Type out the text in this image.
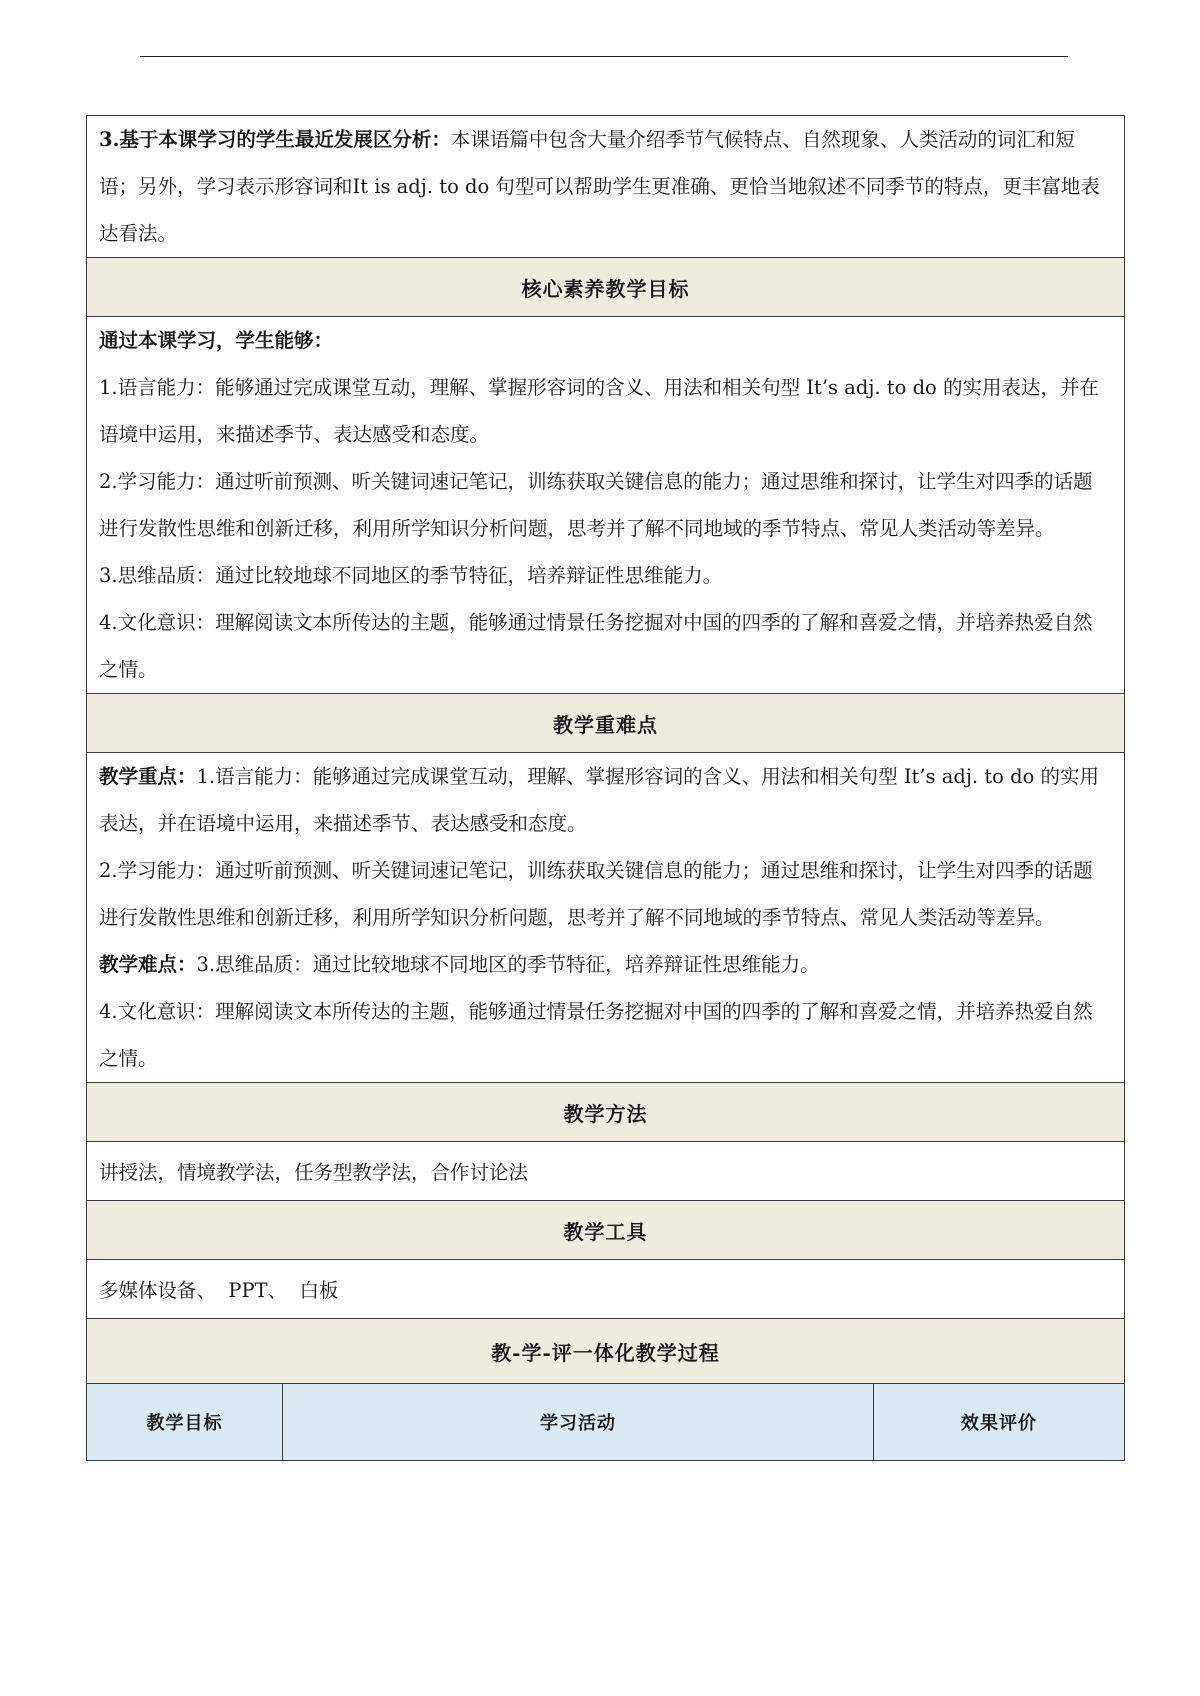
3.基于本课学习的学生最近发展区分析：本课语篇中包含大量介绍季节气候特点、自然现象、人类活动的词汇和短语；另外，学习表示形容词和It is adj. to do 句型可以帮助学生更准确、更恰当地叙述不同季节的特点，更丰富地表达看法。

核心素养教学目标

通过本课学习，学生能够：

1.语言能力：能够通过完成课堂互动，理解、掌握形容词的含义、用法和相关句型 It’s adj. to do 的实用表达，并在语境中运用，来描述季节、表达感受和态度。

2.学习能力：通过听前预测、听关键词速记笔记，训练获取关键信息的能力；通过思维和探讨，让学生对四季的话题进行发散性思维和创新迁移，利用所学知识分析问题，思考并了解不同地域的季节特点、常见人类活动等差异。

3.思维品质：通过比较地球不同地区的季节特征，培养辩证性思维能力。

4.文化意识：理解阅读文本所传达的主题，能够通过情景任务挖掘对中国的四季的了解和喜爱之情，并培养热爱自然之情。

教学重难点

教学重点：1.语言能力：能够通过完成课堂互动，理解、掌握形容词的含义、用法和相关句型 It’s adj. to do 的实用表达，并在语境中运用，来描述季节、表达感受和态度。

2.学习能力：通过听前预测、听关键词速记笔记，训练获取关键信息的能力；通过思维和探讨，让学生对四季的话题进行发散性思维和创新迁移，利用所学知识分析问题，思考并了解不同地域的季节特点、常见人类活动等差异。

教学难点：3.思维品质：通过比较地球不同地区的季节特征，培养辩证性思维能力。

4.文化意识：理解阅读文本所传达的主题，能够通过情景任务挖掘对中国的四季的了解和喜爱之情，并培养热爱自然之情。

教学方法
讲授法，情境教学法，任务型教学法，合作讨论法
教学工具
多媒体设备、  PPT、  白板
教-学-评一体化教学过程
教学目标	学习活动	效果评价
